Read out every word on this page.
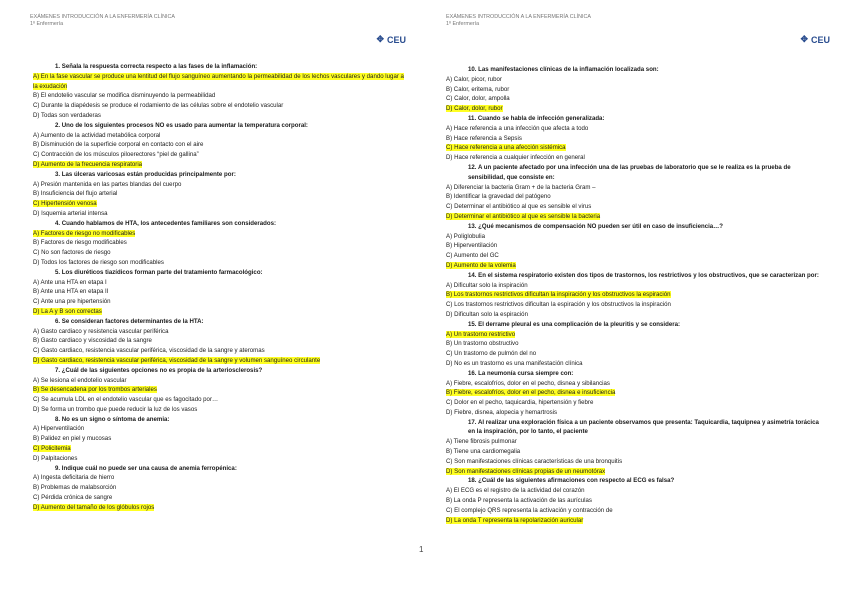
EXÁMENES INTRODUCCIÓN A LA ENFERMERÍA CLÍNICA
1º Enfermería
✥ CEU
1. Señala la respuesta correcta respecto a las fases de la inflamación:
A) En la fase vascular se produce una lentitud del flujo sanguíneo aumentando la permeabilidad de los lechos vasculares y dando lugar a la exudación
B) El endotelio vascular se modifica disminuyendo la permeabilidad
C) Durante la diapédesis se produce el rodamiento de las células sobre el endotelio vascular
D) Todas son verdaderas
2. Uno de los siguientes procesos NO es usado para aumentar la temperatura corporal:
A) Aumento de la actividad metabólica corporal
B) Disminución de la superficie corporal en contacto con el aire
C) Contracción de los músculos piloerectores “piel de gallina”
D) Aumento de la frecuencia respiratoria
3. Las úlceras varicosas están producidas principalmente por:
A) Presión mantenida en las partes blandas del cuerpo
B) Insuficiencia del flujo arterial
C) Hipertensión venosa
D) Isquemia arterial intensa
4. Cuando hablamos de HTA, los antecedentes familiares son considerados:
A) Factores de riesgo no modificables
B) Factores de riesgo modificables
C) No son factores de riesgo
D) Todos los factores de riesgo son modificables
5. Los diuréticos tiazídicos forman parte del tratamiento farmacológico:
A) Ante una HTA en etapa I
B) Ante una HTA en etapa II
C) Ante una pre hipertensión
D) La A y B son correctas
6. Se consideran factores determinantes de la HTA:
A) Gasto cardiaco y resistencia vascular periférica
B) Gasto cardiaco y viscosidad de la sangre
C) Gasto cardiaco, resistencia vascular periférica, viscosidad de la sangre y ateromas
D) Gasto cardiaco, resistencia vascular periférica, viscosidad de la sangre y volumen sanguíneo circulante
7. ¿Cuál de las siguientes opciones no es propia de la arteriosclerosis?
A) Se lesiona el endotelio vascular
B) Se desencadena por los trombos arteriales
C) Se acumula LDL en el endotelio vascular que es fagocitado por…
D) Se forma un trombo que puede reducir la luz de los vasos
8. No es un signo o síntoma de anemia:
A) Hiperventilación
B) Palidez en piel y mucosas
C) Policitemia
D) Palpitaciones
9. Indique cuál no puede ser una causa de anemia ferropénica:
A) Ingesta deficitaria de hierro
B) Problemas de malabsorción
C) Pérdida crónica de sangre
D) Aumento del tamaño de los glóbulos rojos
EXÁMENES INTRODUCCIÓN A LA ENFERMERÍA CLÍNICA
1º Enfermería
✥ CEU
10. Las manifestaciones clínicas de la inflamación localizada son:
A) Calor, picor, rubor
B) Calor, eritema, rubor
C) Calor, dolor, ampolla
D) Calor, dolor, rubor
11. Cuando se habla de infección generalizada:
A) Hace referencia a una infección que afecta a todo
B) Hace referencia a Sepsis
C) Hace referencia a una afección sistémica
D) Hace referencia a cualquier infección en general
12. A un paciente afectado por una infección una de las pruebas de laboratorio que se le realiza es la prueba de sensibilidad, que consiste en:
A) Diferenciar la bacteria Gram + de la bacteria Gram –
B) Identificar la gravedad del patógeno
C) Determinar el antibiótico al que es sensible el virus
D) Determinar el antibiótico al que es sensible la bacteria
13. ¿Qué mecanismos de compensación NO pueden ser útil en caso de insuficiencia…?
A) Poliglobulia
B) Hiperventilación
C) Aumento del GC
D) Aumento de la volemia
14. En el sistema respiratorio existen dos tipos de trastornos, los restrictivos y los obstructivos, que se caracterizan por:
A) Dificultar solo la inspiración
B) Los trastornos restrictivos dificultan la inspiración y los obstructivos la espiración
C) Los trastornos restrictivos dificultan la espiración y los obstructivos la inspiración
D) Dificultan solo la espiración
15. El derrame pleural es una complicación de la pleuritis y se considera:
A) Un trastorno restrictivo
B) Un trastorno obstructivo
C) Un trastorno de pulmón del no
D) No es un trastorno es una manifestación clínica
16. La neumonía cursa siempre con:
A) Fiebre, escalofríos, dolor en el pecho, disnea y sibilancias
B) Fiebre, escalofríos, dolor en el pecho, disnea e insuficiencia
C) Dolor en el pecho, taquicardia, hipertensión y fiebre
D) Fiebre, disnea, alopecia y hemartrosis
17. Al realizar una exploración física a un paciente observamos que presenta: Taquicardia, taquipnea y asimetría torácica en la inspiración, por lo tanto, el paciente
A) Tiene fibrosis pulmonar
B) Tiene una cardiomegalia
C) Son manifestaciones clínicas características de una bronquitis
D) Son manifestaciones clínicas propias de un neumotórax
18. ¿Cuál de las siguientes afirmaciones con respecto al ECG es falsa?
A) El ECG es el registro de la actividad del corazón
B) La onda P representa la activación de las aurículas
C) El complejo QRS representa la activación y contracción de
D) La onda T representa la repolarización auricular
1
